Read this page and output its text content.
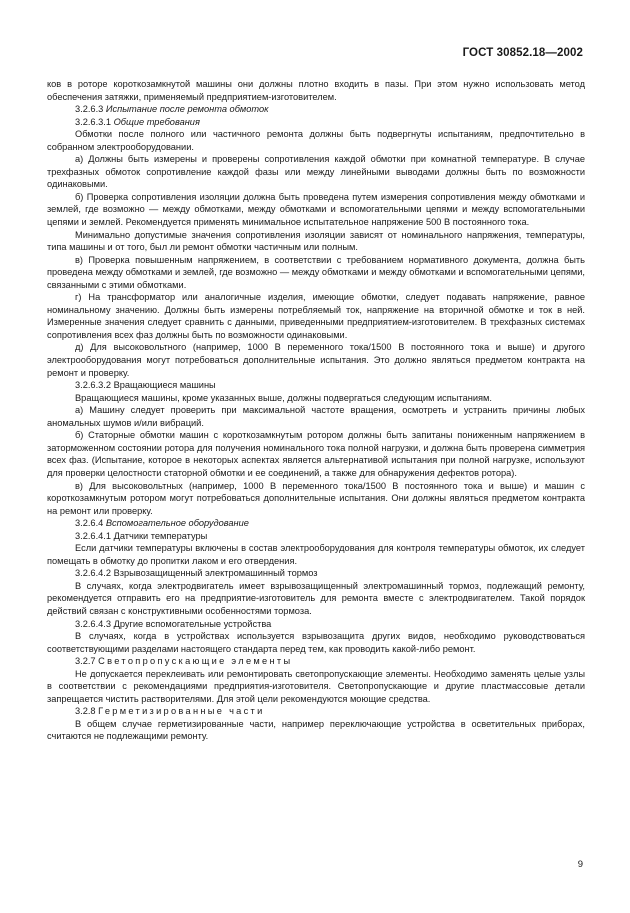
ГОСТ 30852.18—2002

ков в роторе короткозамкнутой машины они должны плотно входить в пазы. При этом нужно использовать метод обеспечения затяжки, применяемый предприятием-изготовителем.

3.2.6.3 Испытание после ремонта обмоток

3.2.6.3.1 Общие требования

Обмотки после полного или частичного ремонта должны быть подвергнуты испытаниям, предпочтительно в собранном электрооборудовании.

а) Должны быть измерены и проверены сопротивления каждой обмотки при комнатной температуре. В случае трехфазных обмоток сопротивление каждой фазы или между линейными выводами должны быть по возможности одинаковыми.

б) Проверка сопротивления изоляции должна быть проведена путем измерения сопротивления между обмотками и землей, где возможно — между обмотками, между обмотками и вспомогательными цепями и между вспомогательными цепями и землей. Рекомендуется применять минимальное испытательное напряжение 500 В постоянного тока.

Минимально допустимые значения сопротивления изоляции зависят от номинального напряжения, температуры, типа машины и от того, был ли ремонт обмотки частичным или полным.

в) Проверка повышенным напряжением, в соответствии с требованием нормативного документа, должна быть проведена между обмотками и землей, где возможно — между обмотками и между обмотками и вспомогательными цепями, связанными с этими обмотками.

г) На трансформатор или аналогичные изделия, имеющие обмотки, следует подавать напряжение, равное номинальному значению. Должны быть измерены потребляемый ток, напряжение на вторичной обмотке и ток в ней. Измеренные значения следует сравнить с данными, приведенными предприятием-изготовителем. В трехфазных системах сопротивления всех фаз должны быть по возможности одинаковыми.

д) Для высоковольтного (например, 1000 В переменного тока/1500 В постоянного тока и выше) и другого электрооборудования могут потребоваться дополнительные испытания. Это должно являться предметом контракта на ремонт и проверку.

3.2.6.3.2 Вращающиеся машины

Вращающиеся машины, кроме указанных выше, должны подвергаться следующим испытаниям.

а) Машину следует проверить при максимальной частоте вращения, осмотреть и устранить причины любых аномальных шумов и/или вибраций.

б) Статорные обмотки машин с короткозамкнутым ротором должны быть запитаны пониженным напряжением в заторможенном состоянии ротора для получения номинального тока полной нагрузки, и должна быть проверена симметрия всех фаз. (Испытание, которое в некоторых аспектах является альтернативой испытания при полной нагрузке, используют для проверки целостности статорной обмотки и ее соединений, а также для обнаружения дефектов ротора).

в) Для высоковольтных (например, 1000 В переменного тока/1500 В постоянного тока и выше) и машин с короткозамкнутым ротором могут потребоваться дополнительные испытания. Они должны являться предметом контракта на ремонт или проверку.

3.2.6.4 Вспомогательное оборудование

3.2.6.4.1 Датчики температуры

Если датчики температуры включены в состав электрооборудования для контроля температуры обмоток, их следует помещать в обмотку до пропитки лаком и его отвердения.

3.2.6.4.2 Взрывозащищенный электромашинный тормоз

В случаях, когда электродвигатель имеет взрывозащищенный электромашинный тормоз, подлежащий ремонту, рекомендуется отправить его на предприятие-изготовитель для ремонта вместе с электродвигателем. Такой порядок действий связан с конструктивными особенностями тормоза.

3.2.6.4.3 Другие вспомогательные устройства

В случаях, когда в устройствах используется взрывозащита других видов, необходимо руководствоваться соответствующими разделами настоящего стандарта перед тем, как проводить какой-либо ремонт.

3.2.7 Светопропускающие элементы

Не допускается переклеивать или ремонтировать светопропускающие элементы. Необходимо заменять целые узлы в соответствии с рекомендациями предприятия-изготовителя. Светопропускающие и другие пластмассовые детали запрещается чистить растворителями. Для этой цели рекомендуются моющие средства.

3.2.8 Герметизированные части

В общем случае герметизированные части, например переключающие устройства в осветительных приборах, считаются не подлежащими ремонту.

9
